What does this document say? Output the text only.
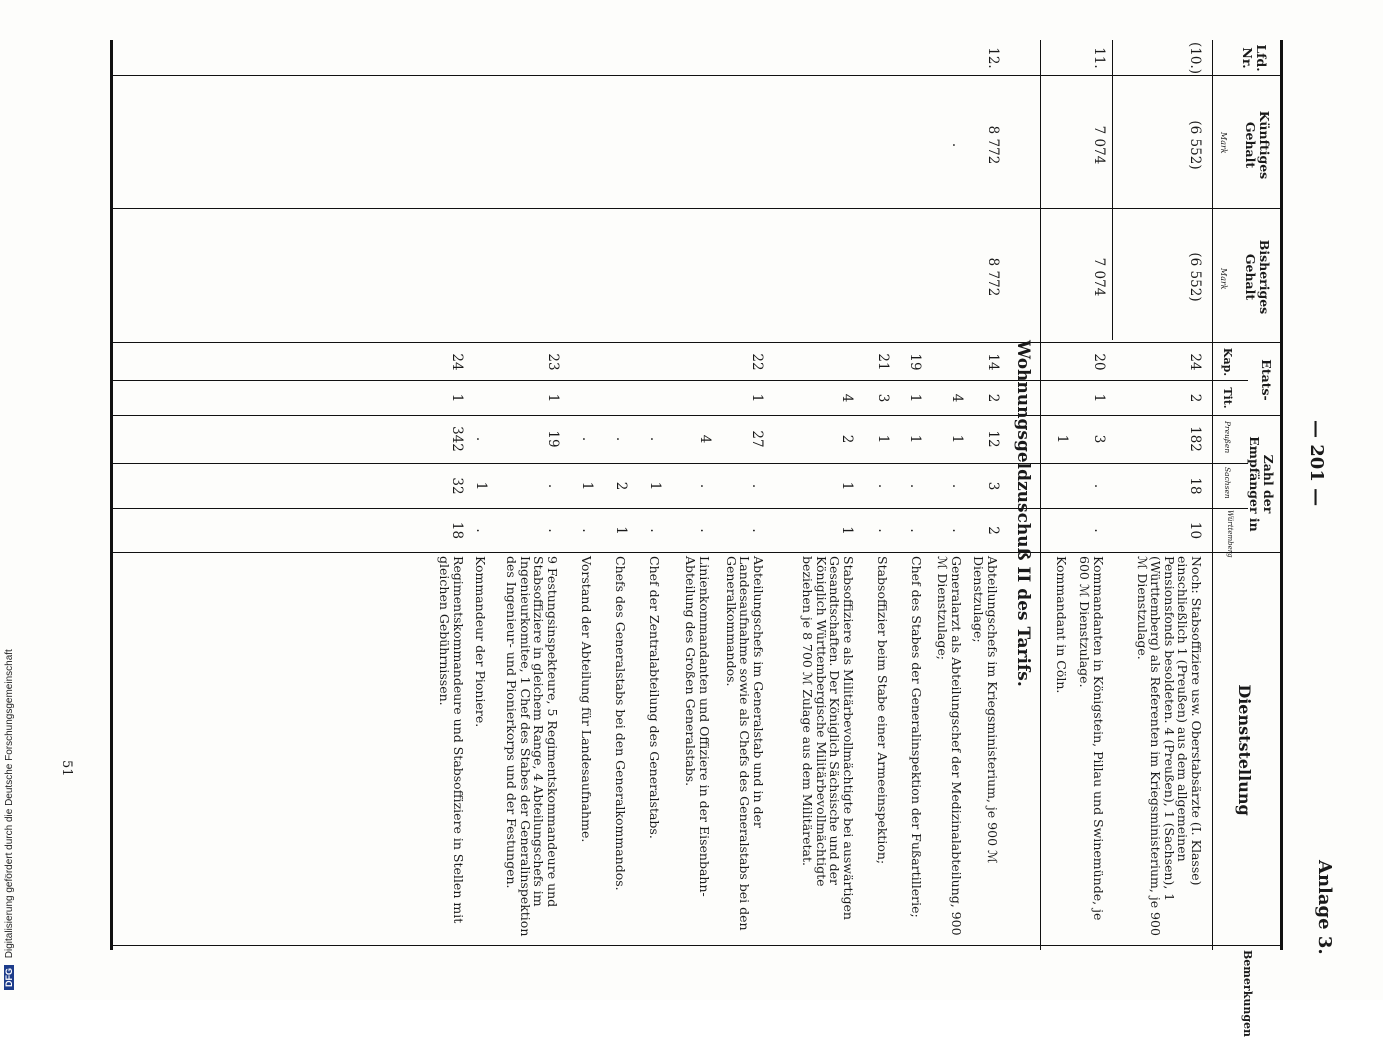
— 201 —
Anlage 3.
Lfd. Nr.
Künftiges Gehalt
Mark
Bisheriges Gehalt
Mark
Etats-
Kap.
Tit.
Zahl der Empfänger in
Preußen
Sachsen
Württemberg
Dienststellung
Bemerkungen
(10.)
(6 552)
(6 552)
24
2
182
18
10
Noch: Stabsoffiziere usw. Oberstabsärzte (I. Klasse) einschließlich 1 (Preußen) aus dem allgemeinen Pensionsfonds besoldeten. 4 (Preußen), 1 (Sachsen), 1 (Württemberg) als Referenten im Kriegsministerium, je 900 ℳ Dienstzulage.
11.
7 074
7 074
20
1
3
.
.
Kommandanten in Königstein, Pillau und Swinemünde, je 600 ℳ Dienstzulage.
1
Kommandant in Cöln.
Wohnungsgeldzuschuß II des Tarifs.
12.
8 772
8 772
14
2
12
3
2
Abteilungschefs im Kriegsministerium, je 900 ℳ Dienstzulage;
.
4
1
.
.
Generalarzt als Abteilungschef der Medizinalabteilung, 900 ℳ Dienstzulage;
19
1
1
.
.
Chef des Stabes der Generalinspektion der Fußartillerie;
21
3
1
.
.
Stabsoffizier beim Stabe einer Armeeinspektion;
4
2
1
1
Stabsoffiziere als Militärbevollmächtigte bei auswärtigen Gesandtschaften. Der Königlich Sächsische und der Königlich Württembergische Militärbevollmächtigte beziehen je 8 700 ℳ Zulage aus dem Militäretat.
22
1
27
.
.
Abteilungschefs im Generalstab und in der Landesaufnahme sowie als Chefs des Generalstabs bei den Generalkommandos.
4
.
.
Linienkommandanten und Offiziere in der Eisenbahn-Abteilung des Großen Generalstabs.
.
1
.
Chef der Zentralabteilung des Generalstabs.
.
2
1
Chefs des Generalstabs bei den Generalkommandos.
.
1
.
Vorstand der Abteilung für Landesaufnahme.
23
1
19
.
.
9 Festungsinspekteure, 5 Regimentskommandeure und Stabsoffiziere in gleichem Range, 4 Abteilungschefs im Ingenieurkomitee, 1 Chef des Stabes der Generalinspektion des Ingenieur- und Pionierkorps und der Festungen.
.
1
.
Kommandeur der Pioniere.
24
1
342
32
18
Regimentskommandeure und Stabsoffiziere in Stellen mit gleichen Gebührnissen.
51
DFG Digitalisierung gefördert durch die Deutsche Forschungsgemeinschaft
